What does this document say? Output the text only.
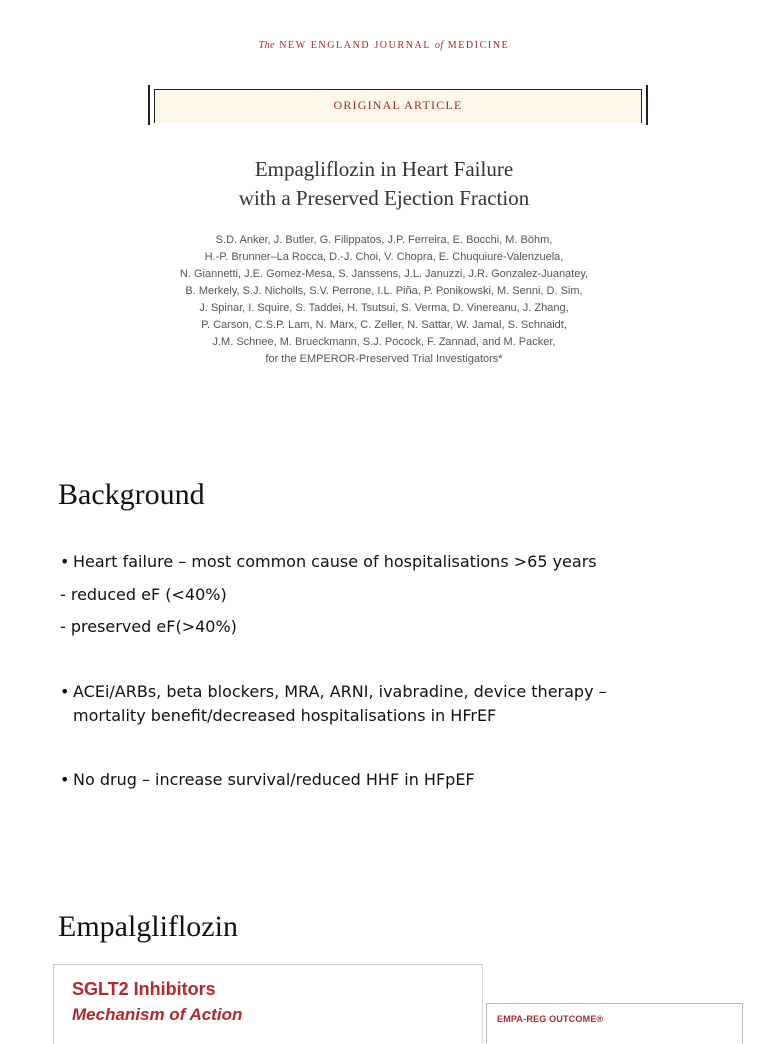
The NEW ENGLAND JOURNAL of MEDICINE
ORIGINAL ARTICLE
Empagliflozin in Heart Failure
with a Preserved Ejection Fraction
S.D. Anker, J. Butler, G. Filippatos, J.P. Ferreira, E. Bocchi, M. Böhm,
H.-P. Brunner–La Rocca, D.-J. Choi, V. Chopra, E. Chuquiure-Valenzuela,
N. Giannetti, J.E. Gomez-Mesa, S. Janssens, J.L. Januzzi, J.R. Gonzalez-Juanatey,
B. Merkely, S.J. Nicholls, S.V. Perrone, I.L. Piña, P. Ponikowski, M. Senni, D. Sim,
J. Spinar, I. Squire, S. Taddei, H. Tsutsui, S. Verma, D. Vinereanu, J. Zhang,
P. Carson, C.S.P. Lam, N. Marx, C. Zeller, N. Sattar, W. Jamal, S. Schnaidt,
J.M. Schnee, M. Brueckmann, S.J. Pocock, F. Zannad, and M. Packer,
for the EMPEROR-Preserved Trial Investigators*
Background
• Heart failure – most common cause of hospitalisations >65 years
- reduced eF (<40%)
- preserved eF(>40%)
• ACEi/ARBs, beta blockers, MRA, ARNI, ivabradine, device therapy –
mortality benefit/decreased hospitalisations in HFrEF
• No drug – increase survival/reduced HHF in HFpEF
Empalgliflozin
SGLT2 Inhibitors
Mechanism of Action	EMPA-REG OUTCOME®
